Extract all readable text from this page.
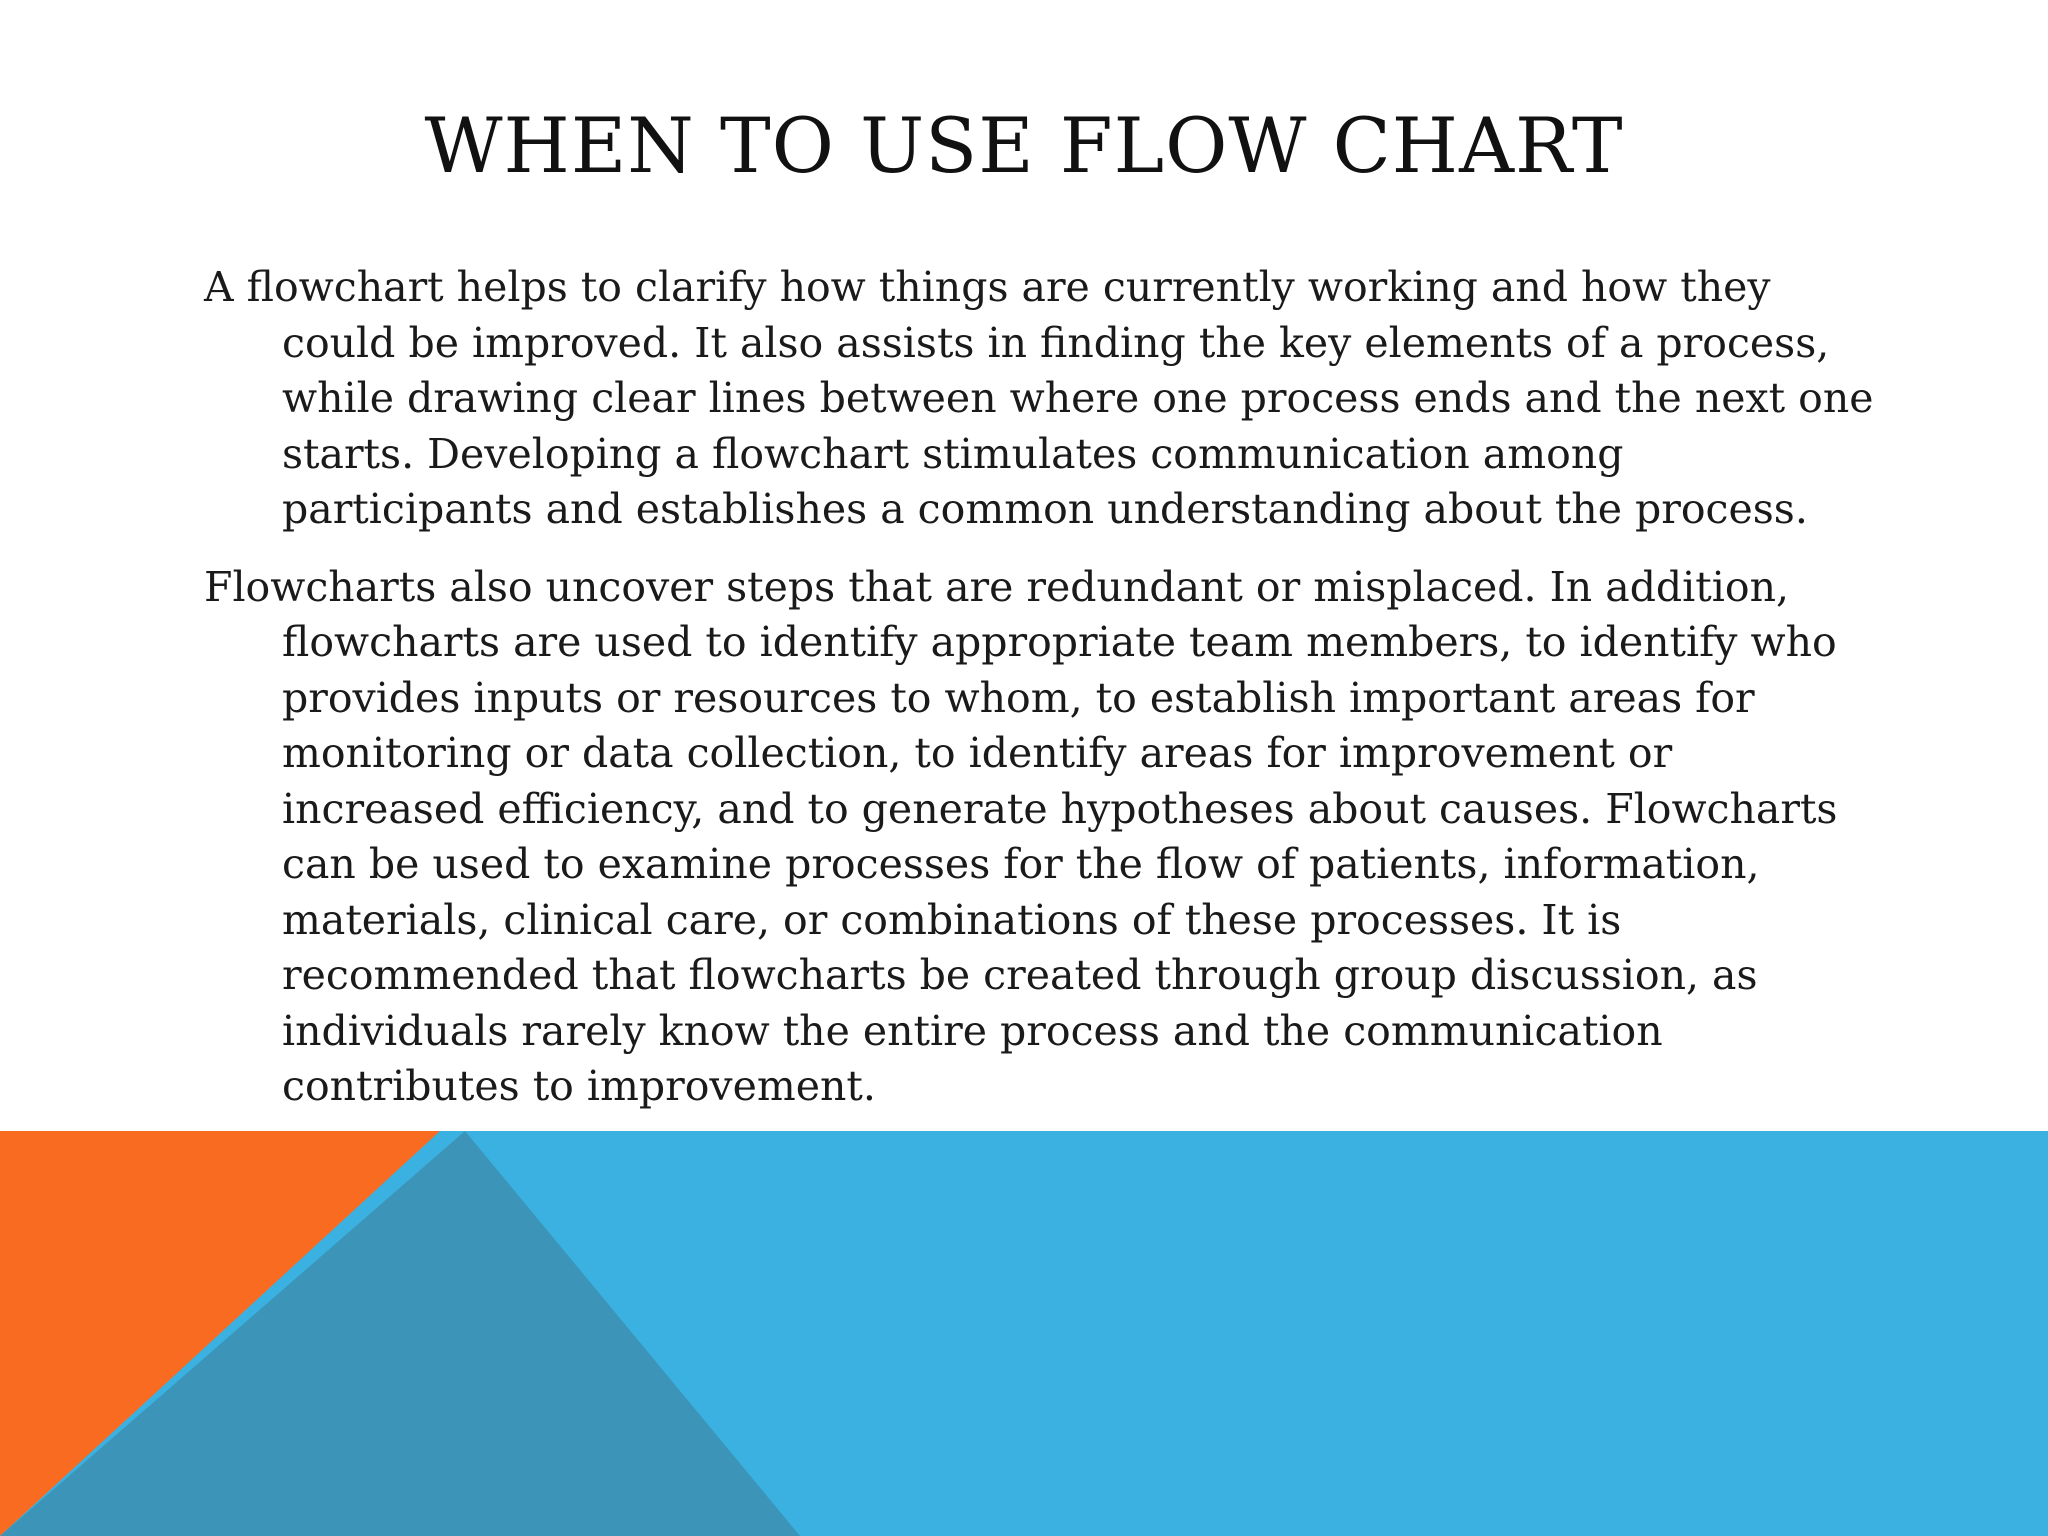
WHEN TO USE FLOW CHART

A flowchart helps to clarify how things are currently working and how they could be improved. It also assists in finding the key elements of a process, while drawing clear lines between where one process ends and the next one starts. Developing a flowchart stimulates communication among participants and establishes a common understanding about the process.

Flowcharts also uncover steps that are redundant or misplaced. In addition, flowcharts are used to identify appropriate team members, to identify who provides inputs or resources to whom, to establish important areas for monitoring or data collection, to identify areas for improvement or increased efficiency, and to generate hypotheses about causes. Flowcharts can be used to examine processes for the flow of patients, information, materials, clinical care, or combinations of these processes. It is recommended that flowcharts be created through group discussion, as individuals rarely know the entire process and the communication contributes to improvement.
